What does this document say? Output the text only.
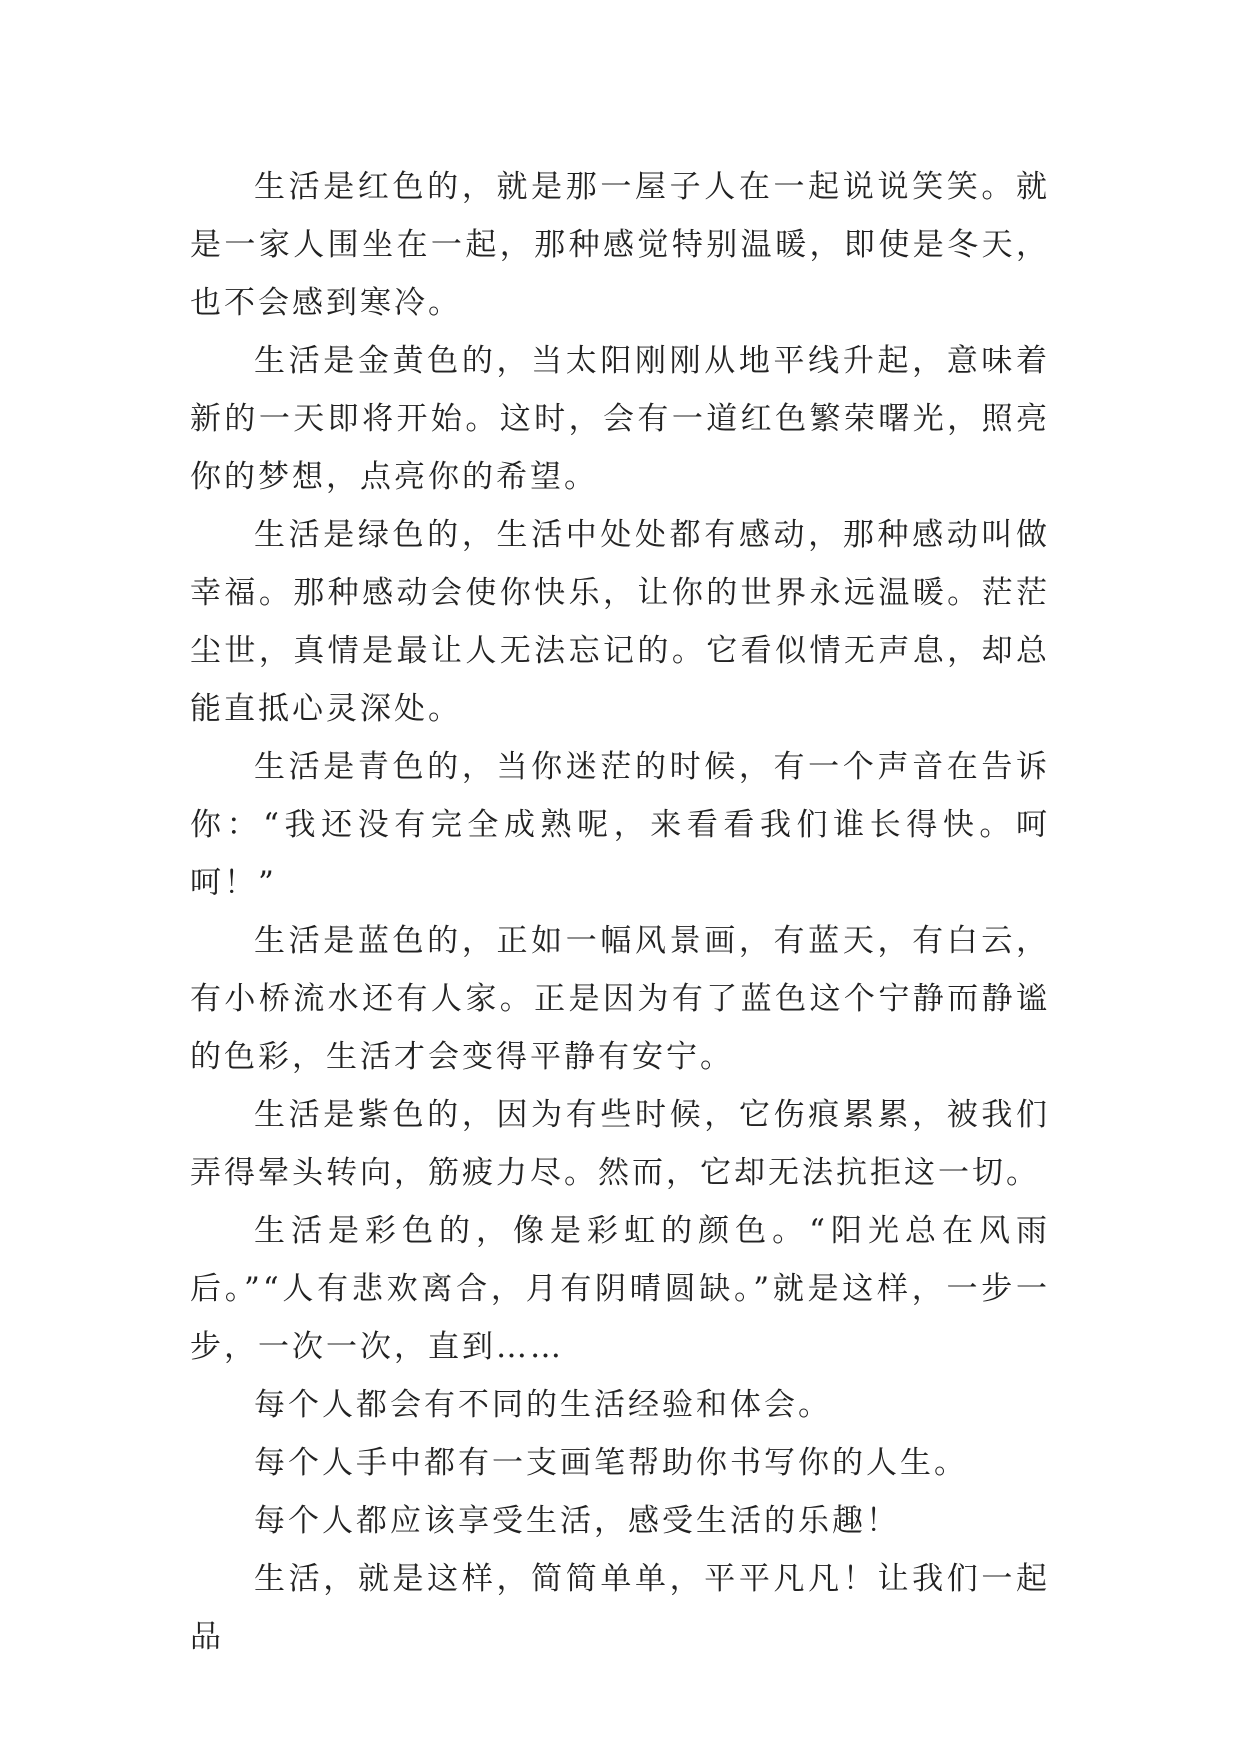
生活是红色的，就是那一屋子人在一起说说笑笑。就是一家人围坐在一起，那种感觉特别温暖，即使是冬天，也不会感到寒冷。

生活是金黄色的，当太阳刚刚从地平线升起，意味着新的一天即将开始。这时，会有一道红色繁荣曙光，照亮你的梦想，点亮你的希望。

生活是绿色的，生活中处处都有感动，那种感动叫做幸福。那种感动会使你快乐，让你的世界永远温暖。茫茫尘世，真情是最让人无法忘记的。它看似情无声息，却总能直抵心灵深处。

生活是青色的，当你迷茫的时候，有一个声音在告诉你：“我还没有完全成熟呢，来看看我们谁长得快。呵呵！”

生活是蓝色的，正如一幅风景画，有蓝天，有白云，有小桥流水还有人家。正是因为有了蓝色这个宁静而静谧的色彩，生活才会变得平静有安宁。

生活是紫色的，因为有些时候，它伤痕累累，被我们弄得晕头转向，筋疲力尽。然而，它却无法抗拒这一切。

生活是彩色的，像是彩虹的颜色。“阳光总在风雨后。”“人有悲欢离合，月有阴晴圆缺。”就是这样，一步一步，一次一次，直到……

每个人都会有不同的生活经验和体会。

每个人手中都有一支画笔帮助你书写你的人生。

每个人都应该享受生活，感受生活的乐趣！

生活，就是这样，简简单单，平平凡凡！让我们一起品
